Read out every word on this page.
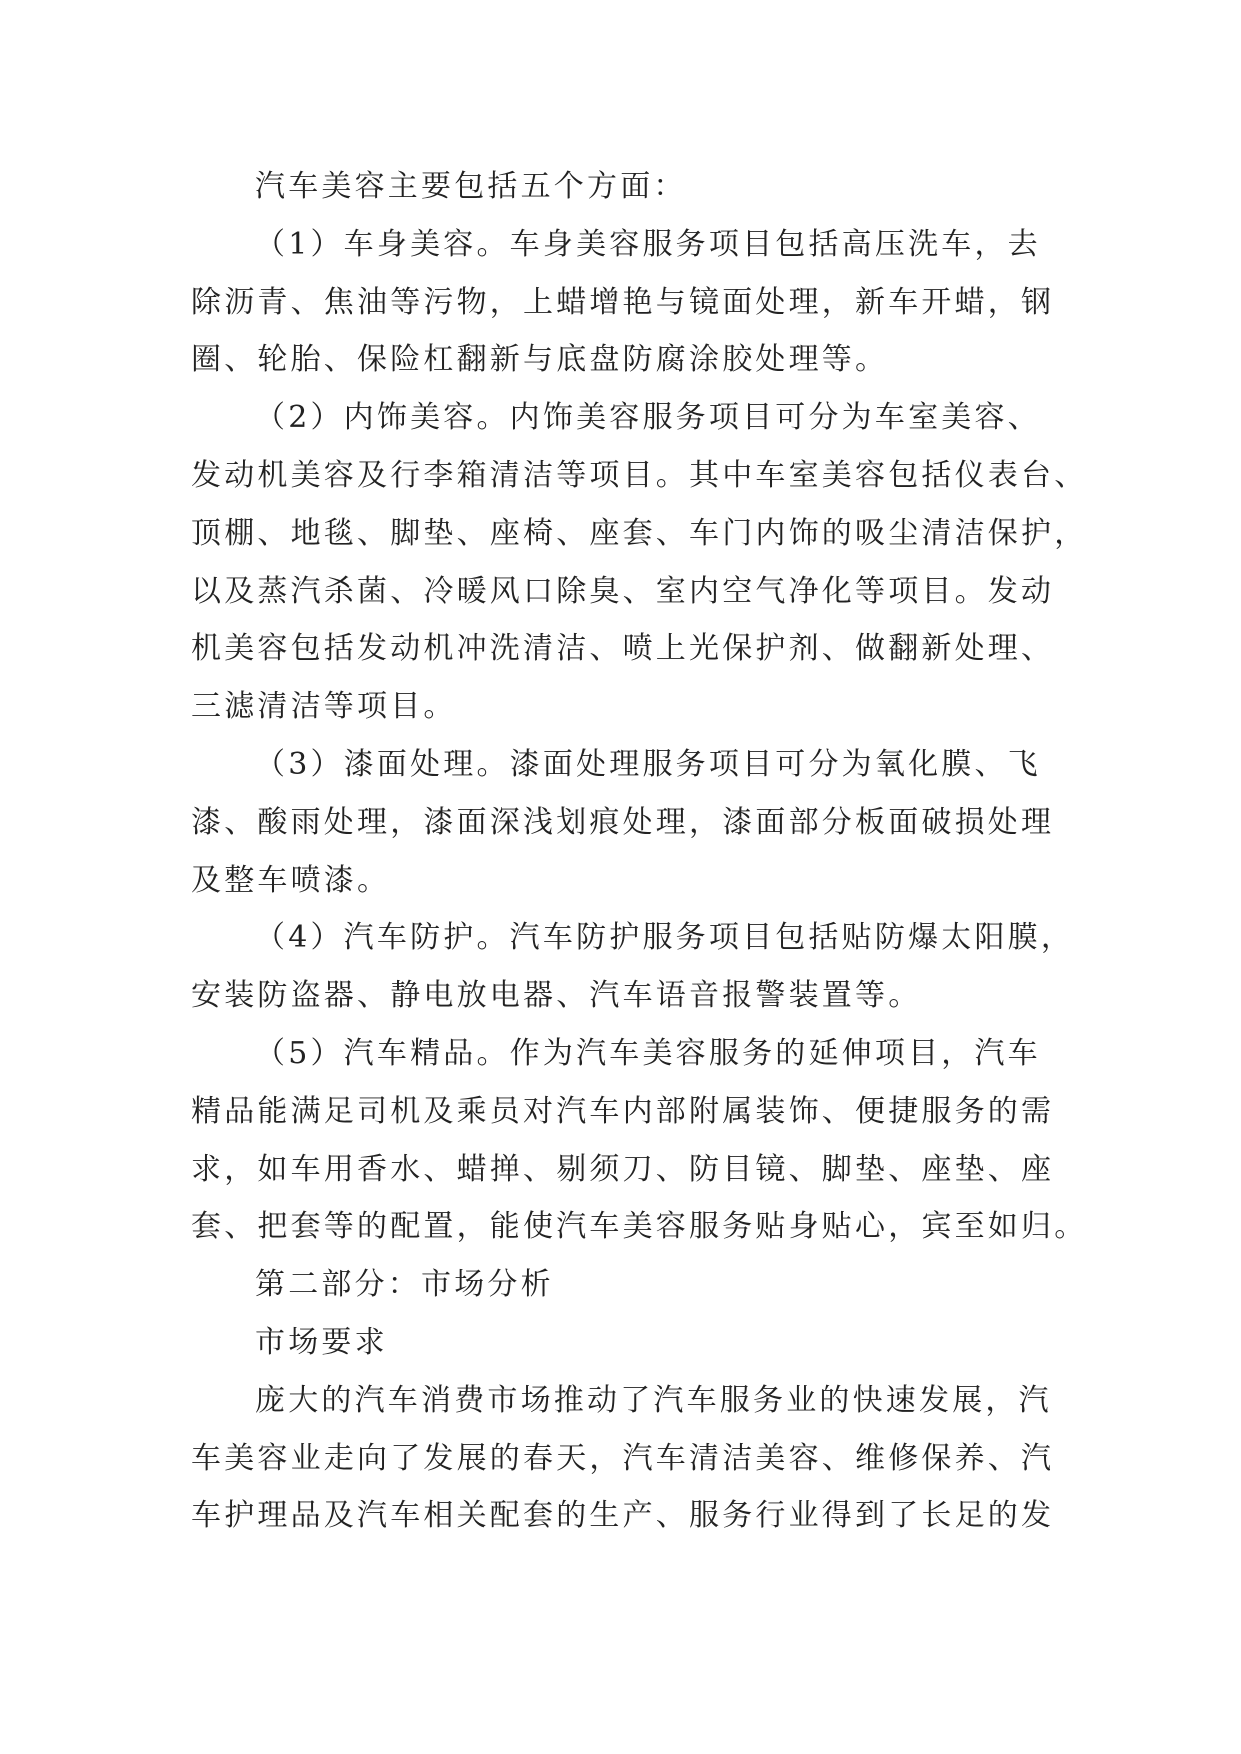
汽车美容主要包括五个方面：
（1）车身美容。车身美容服务项目包括高压洗车，去
除沥青、焦油等污物，上蜡增艳与镜面处理，新车开蜡，钢
圈、轮胎、保险杠翻新与底盘防腐涂胶处理等。
（2）内饰美容。内饰美容服务项目可分为车室美容、
发动机美容及行李箱清洁等项目。其中车室美容包括仪表台、
顶棚、地毯、脚垫、座椅、座套、车门内饰的吸尘清洁保护，
以及蒸汽杀菌、冷暖风口除臭、室内空气净化等项目。发动
机美容包括发动机冲洗清洁、喷上光保护剂、做翻新处理、
三滤清洁等项目。
（3）漆面处理。漆面处理服务项目可分为氧化膜、飞
漆、酸雨处理，漆面深浅划痕处理，漆面部分板面破损处理
及整车喷漆。
（4）汽车防护。汽车防护服务项目包括贴防爆太阳膜，
安装防盗器、静电放电器、汽车语音报警装置等。
（5）汽车精品。作为汽车美容服务的延伸项目，汽车
精品能满足司机及乘员对汽车内部附属装饰、便捷服务的需
求，如车用香水、蜡掸、剔须刀、防目镜、脚垫、座垫、座
套、把套等的配置，能使汽车美容服务贴身贴心，宾至如归。
第二部分：市场分析
市场要求
庞大的汽车消费市场推动了汽车服务业的快速发展，汽
车美容业走向了发展的春天，汽车清洁美容、维修保养、汽
车护理品及汽车相关配套的生产、服务行业得到了长足的发
